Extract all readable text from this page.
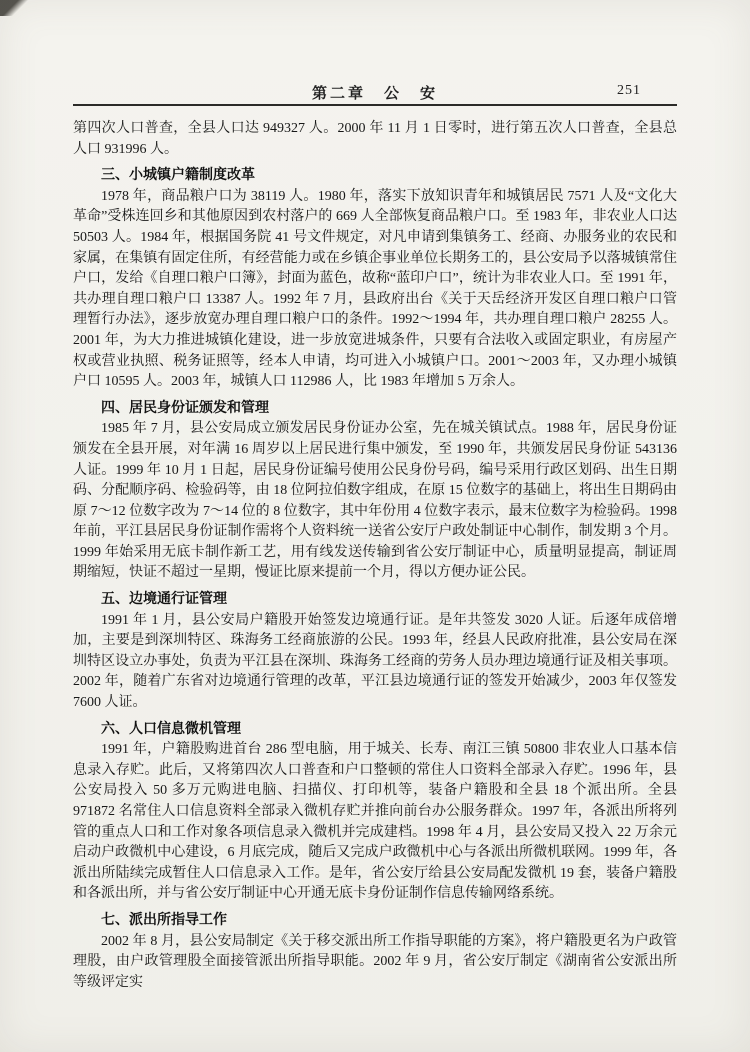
第二章　公　安	251

第四次人口普查，全县人口达 949327 人。2000 年 11 月 1 日零时，进行第五次人口普查，全县总人口 931996 人。

三、小城镇户籍制度改革

1978 年，商品粮户口为 38119 人。1980 年，落实下放知识青年和城镇居民 7571 人及“文化大革命”受株连回乡和其他原因到农村落户的 669 人全部恢复商品粮户口。至 1983 年，非农业人口达 50503 人。1984 年，根据国务院 41 号文件规定，对凡申请到集镇务工、经商、办服务业的农民和家属，在集镇有固定住所，有经营能力或在乡镇企事业单位长期务工的，县公安局予以落城镇常住户口，发给《自理口粮户口簿》，封面为蓝色，故称“蓝印户口”，统计为非农业人口。至 1991 年，共办理自理口粮户口 13387 人。1992 年 7 月，县政府出台《关于天岳经济开发区自理口粮户口管理暂行办法》，逐步放宽办理自理口粮户口的条件。1992～1994 年，共办理自理口粮户 28255 人。2001 年，为大力推进城镇化建设，进一步放宽进城条件，只要有合法收入或固定职业，有房屋产权或营业执照、税务证照等，经本人申请，均可进入小城镇户口。2001～2003 年，又办理小城镇户口 10595 人。2003 年，城镇人口 112986 人，比 1983 年增加 5 万余人。

四、居民身份证颁发和管理

1985 年 7 月，县公安局成立颁发居民身份证办公室，先在城关镇试点。1988 年，居民身份证颁发在全县开展，对年满 16 周岁以上居民进行集中颁发，至 1990 年，共颁发居民身份证 543136 人证。1999 年 10 月 1 日起，居民身份证编号使用公民身份号码，编号采用行政区划码、出生日期码、分配顺序码、检验码等，由 18 位阿拉伯数字组成，在原 15 位数字的基础上，将出生日期码由原 7～12 位数字改为 7～14 位的 8 位数字，其中年份用 4 位数字表示，最末位数字为检验码。1998 年前，平江县居民身份证制作需将个人资料统一送省公安厅户政处制证中心制作，制发期 3 个月。1999 年始采用无底卡制作新工艺，用有线发送传输到省公安厅制证中心，质量明显提高，制证周期缩短，快证不超过一星期，慢证比原来提前一个月，得以方便办证公民。

五、边境通行证管理

1991 年 1 月，县公安局户籍股开始签发边境通行证。是年共签发 3020 人证。后逐年成倍增加，主要是到深圳特区、珠海务工经商旅游的公民。1993 年，经县人民政府批准，县公安局在深圳特区设立办事处，负责为平江县在深圳、珠海务工经商的劳务人员办理边境通行证及相关事项。2002 年，随着广东省对边境通行管理的改革，平江县边境通行证的签发开始减少，2003 年仅签发 7600 人证。

六、人口信息微机管理

1991 年，户籍股购进首台 286 型电脑，用于城关、长寿、南江三镇 50800 非农业人口基本信息录入存贮。此后，又将第四次人口普查和户口整顿的常住人口资料全部录入存贮。1996 年，县公安局投入 50 多万元购进电脑、扫描仪、打印机等，装备户籍股和全县 18 个派出所。全县 971872 名常住人口信息资料全部录入微机存贮并推向前台办公服务群众。1997 年，各派出所将列管的重点人口和工作对象各项信息录入微机并完成建档。1998 年 4 月，县公安局又投入 22 万余元启动户政微机中心建设，6 月底完成，随后又完成户政微机中心与各派出所微机联网。1999 年，各派出所陆续完成暂住人口信息录入工作。是年，省公安厅给县公安局配发微机 19 套，装备户籍股和各派出所，并与省公安厅制证中心开通无底卡身份证制作信息传输网络系统。

七、派出所指导工作

2002 年 8 月，县公安局制定《关于移交派出所工作指导职能的方案》，将户籍股更名为户政管理股，由户政管理股全面接管派出所指导职能。2002 年 9 月，省公安厅制定《湖南省公安派出所等级评定实
